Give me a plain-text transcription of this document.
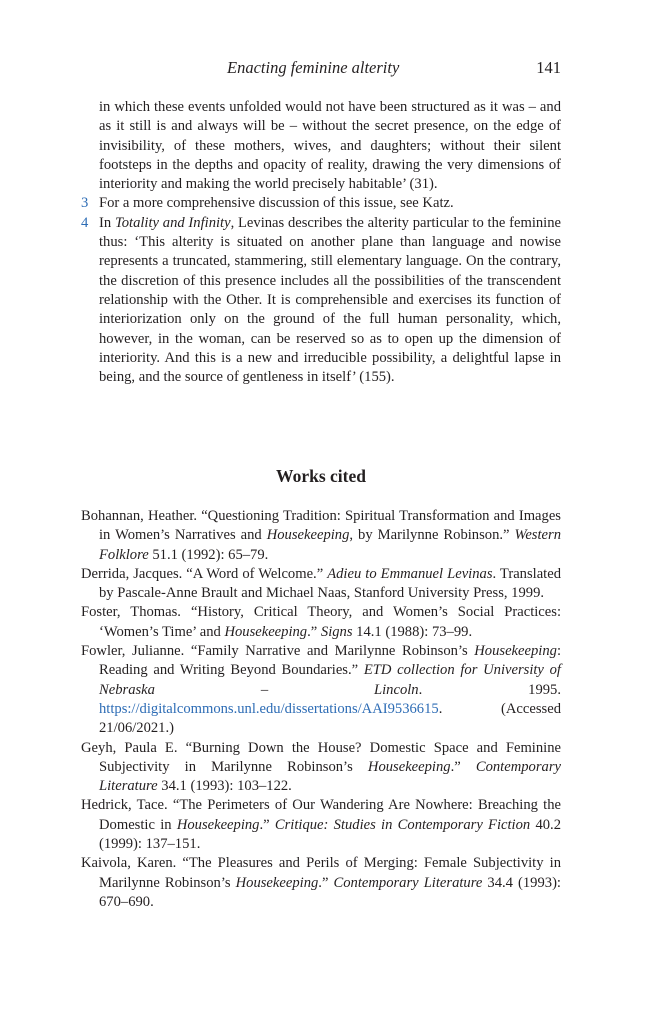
Enacting feminine alterity	141
in which these events unfolded would not have been structured as it was – and as it still is and always will be – without the secret presence, on the edge of invisibility, of these mothers, wives, and daughters; without their silent footsteps in the depths and opacity of reality, drawing the very dimensions of interiority and making the world precisely habitable’ (31).
3 For a more comprehensive discussion of this issue, see Katz.
4 In Totality and Infinity, Levinas describes the alterity particular to the feminine thus: ‘This alterity is situated on another plane than language and nowise represents a truncated, stammering, still elementary language. On the contrary, the discretion of this presence includes all the possibilities of the transcendent relationship with the Other. It is comprehensible and exercises its function of interiorization only on the ground of the full human personality, which, however, in the woman, can be reserved so as to open up the dimension of interiority. And this is a new and irreducible possibility, a delightful lapse in being, and the source of gentleness in itself’ (155).
Works cited
Bohannan, Heather. “Questioning Tradition: Spiritual Transformation and Images in Women’s Narratives and Housekeeping, by Marilynne Robinson.” Western Folklore 51.1 (1992): 65–79.
Derrida, Jacques. “A Word of Welcome.” Adieu to Emmanuel Levinas. Translated by Pascale-Anne Brault and Michael Naas, Stanford University Press, 1999.
Foster, Thomas. “History, Critical Theory, and Women’s Social Practices: ‘Women’s Time’ and Housekeeping.” Signs 14.1 (1988): 73–99.
Fowler, Julianne. “Family Narrative and Marilynne Robinson’s Housekeeping: Reading and Writing Beyond Boundaries.” ETD collection for University of Nebraska – Lincoln. 1995. https://digitalcommons.unl.edu/dissertations/AAI9536615. (Accessed 21/06/2021.)
Geyh, Paula E. “Burning Down the House? Domestic Space and Feminine Subjectivity in Marilynne Robinson’s Housekeeping.” Contemporary Literature 34.1 (1993): 103–122.
Hedrick, Tace. “The Perimeters of Our Wandering Are Nowhere: Breaching the Domestic in Housekeeping.” Critique: Studies in Contemporary Fiction 40.2 (1999): 137–151.
Kaivola, Karen. “The Pleasures and Perils of Merging: Female Subjectivity in Marilynne Robinson’s Housekeeping.” Contemporary Literature 34.4 (1993): 670–690.
